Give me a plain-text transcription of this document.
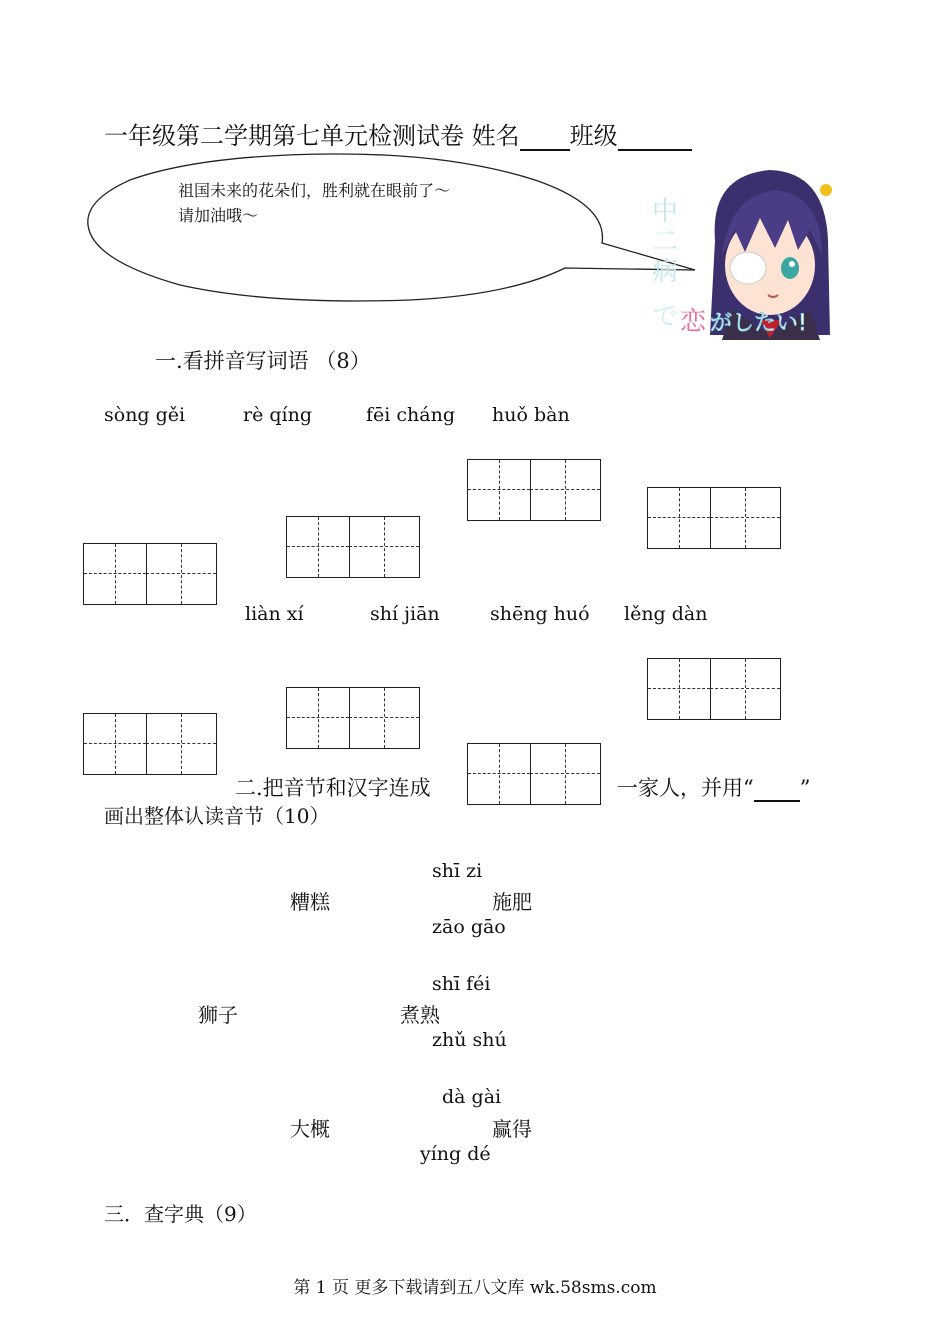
一年级第二学期第七单元检测试卷 姓名 班级
祖国未来的花朵们，胜利就在眼前了～
请加油哦～	中
二
病
で 恋 がしたい!
一.看拼音写词语 （8）
sòng gěi	rè qíng	fēi cháng huǒ bàn
liàn xí	shí jiān	shēng huó lěng dàn
二.把音节和汉字连成	一家人，并用“ ”
画出整体认读音节（10）
shī zi
糟糕	施肥
zāo gāo
shī féi
狮子	煮熟
zhǔ shú
dà gài
大概	赢得
yíng dé
三．查字典（9）
第 1 页 更多下载请到五八文库 wk.58sms.com
